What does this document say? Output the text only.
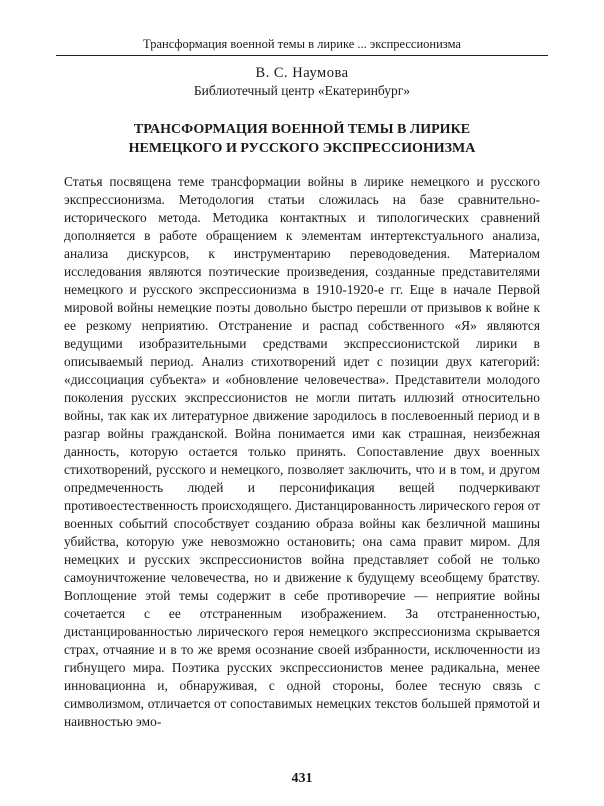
Трансформация военной темы в лирике ... экспрессионизма
В. С. Наумова
Библиотечный центр «Екатеринбург»
ТРАНСФОРМАЦИЯ ВОЕННОЙ ТЕМЫ В ЛИРИКЕ
НЕМЕЦКОГО И РУССКОГО ЭКСПРЕССИОНИЗМА
Статья посвящена теме трансформации войны в лирике немецкого и русского экспрессионизма. Методология статьи сложилась на базе сравнительно-исторического метода. Методика контактных и типологических сравнений дополняется в работе обращением к элементам интертекстуального анализа, анализа дискурсов, к инструментарию переводоведения. Материалом исследования являются поэтические произведения, созданные представителями немецкого и русского экспрессионизма в 1910-1920-е гг. Еще в начале Первой мировой войны немецкие поэты довольно быстро перешли от призывов к войне к ее резкому неприятию. Отстранение и распад собственного «Я» являются ведущими изобразительными средствами экспрессионистской лирики в описываемый период. Анализ стихотворений идет с позиции двух категорий: «диссоциация субъекта» и «обновление человечества». Представители молодого поколения русских экспрессионистов не могли питать иллюзий относительно войны, так как их литературное движение зародилось в послевоенный период и в разгар войны гражданской. Война понимается ими как страшная, неизбежная данность, которую остается только принять. Сопоставление двух военных стихотворений, русского и немецкого, позволяет заключить, что и в том, и другом опредмеченность людей и персонификация вещей подчеркивают противоестественность происходящего. Дистанцированность лирического героя от военных событий способствует созданию образа войны как безличной машины убийства, которую уже невозможно остановить; она сама правит миром. Для немецких и русских экспрессионистов война представляет собой не только самоуничтожение человечества, но и движение к будущему всеобщему братству. Воплощение этой темы содержит в себе противоречие — неприятие войны сочетается с ее отстраненным изображением. За отстраненностью, дистанцированностью лирического героя немецкого экспрессионизма скрывается страх, отчаяние и в то же время осознание своей избранности, исключенности из гибнущего мира. Поэтика русских экспрессионистов менее радикальна, менее инновационна и, обнаруживая, с одной стороны, более тесную связь с символизмом, отличается от сопоставимых немецких текстов большей прямотой и наивностью эмо-
431
